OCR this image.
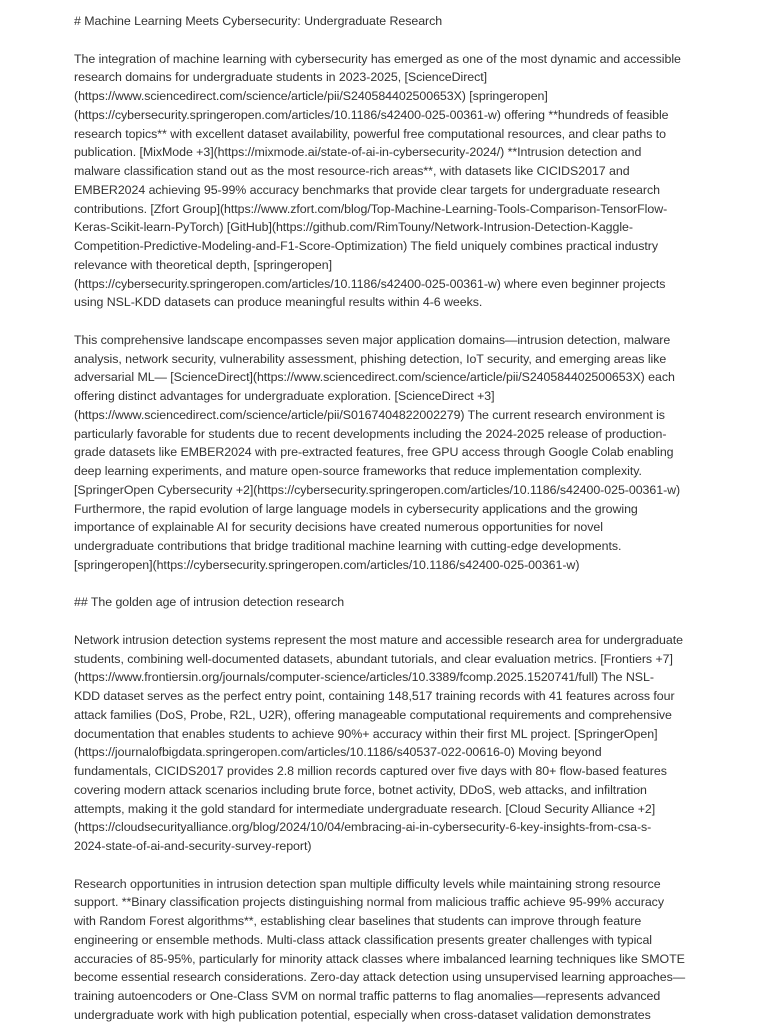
# Machine Learning Meets Cybersecurity: Undergraduate Research
The integration of machine learning with cybersecurity has emerged as one of the most dynamic and accessible
research domains for undergraduate students in 2023-2025, [ScienceDirect]
(https://www.sciencedirect.com/science/article/pii/S240584402500653X) [springeropen]
(https://cybersecurity.springeropen.com/articles/10.1186/s42400-025-00361-w) offering **hundreds of feasible
research topics** with excellent dataset availability, powerful free computational resources, and clear paths to
publication. [MixMode +3](https://mixmode.ai/state-of-ai-in-cybersecurity-2024/) **Intrusion detection and
malware classification stand out as the most resource-rich areas**, with datasets like CICIDS2017 and
EMBER2024 achieving 95-99% accuracy benchmarks that provide clear targets for undergraduate research
contributions. [Zfort Group](https://www.zfort.com/blog/Top-Machine-Learning-Tools-Comparison-TensorFlow-
Keras-Scikit-learn-PyTorch) [GitHub](https://github.com/RimTouny/Network-Intrusion-Detection-Kaggle-
Competition-Predictive-Modeling-and-F1-Score-Optimization) The field uniquely combines practical industry
relevance with theoretical depth, [springeropen]
(https://cybersecurity.springeropen.com/articles/10.1186/s42400-025-00361-w) where even beginner projects
using NSL-KDD datasets can produce meaningful results within 4-6 weeks.
This comprehensive landscape encompasses seven major application domains—intrusion detection, malware
analysis, network security, vulnerability assessment, phishing detection, IoT security, and emerging areas like
adversarial ML— [ScienceDirect](https://www.sciencedirect.com/science/article/pii/S240584402500653X) each
offering distinct advantages for undergraduate exploration. [ScienceDirect +3]
(https://www.sciencedirect.com/science/article/pii/S0167404822002279) The current research environment is
particularly favorable for students due to recent developments including the 2024-2025 release of production-
grade datasets like EMBER2024 with pre-extracted features, free GPU access through Google Colab enabling
deep learning experiments, and mature open-source frameworks that reduce implementation complexity.
[SpringerOpen Cybersecurity +2](https://cybersecurity.springeropen.com/articles/10.1186/s42400-025-00361-w)
Furthermore, the rapid evolution of large language models in cybersecurity applications and the growing
importance of explainable AI for security decisions have created numerous opportunities for novel
undergraduate contributions that bridge traditional machine learning with cutting-edge developments.
[springeropen](https://cybersecurity.springeropen.com/articles/10.1186/s42400-025-00361-w)
## The golden age of intrusion detection research
Network intrusion detection systems represent the most mature and accessible research area for undergraduate
students, combining well-documented datasets, abundant tutorials, and clear evaluation metrics. [Frontiers +7]
(https://www.frontiersin.org/journals/computer-science/articles/10.3389/fcomp.2025.1520741/full) The NSL-
KDD dataset serves as the perfect entry point, containing 148,517 training records with 41 features across four
attack families (DoS, Probe, R2L, U2R), offering manageable computational requirements and comprehensive
documentation that enables students to achieve 90%+ accuracy within their first ML project. [SpringerOpen]
(https://journalofbigdata.springeropen.com/articles/10.1186/s40537-022-00616-0) Moving beyond
fundamentals, CICIDS2017 provides 2.8 million records captured over five days with 80+ flow-based features
covering modern attack scenarios including brute force, botnet activity, DDoS, web attacks, and infiltration
attempts, making it the gold standard for intermediate undergraduate research. [Cloud Security Alliance +2]
(https://cloudsecurityalliance.org/blog/2024/10/04/embracing-ai-in-cybersecurity-6-key-insights-from-csa-s-
2024-state-of-ai-and-security-survey-report)
Research opportunities in intrusion detection span multiple difficulty levels while maintaining strong resource
support. **Binary classification projects distinguishing normal from malicious traffic achieve 95-99% accuracy
with Random Forest algorithms**, establishing clear baselines that students can improve through feature
engineering or ensemble methods. Multi-class attack classification presents greater challenges with typical
accuracies of 85-95%, particularly for minority attack classes where imbalanced learning techniques like SMOTE
become essential research considerations. Zero-day attack detection using unsupervised learning approaches—
training autoencoders or One-Class SVM on normal traffic patterns to flag anomalies—represents advanced
undergraduate work with high publication potential, especially when cross-dataset validation demonstrates
